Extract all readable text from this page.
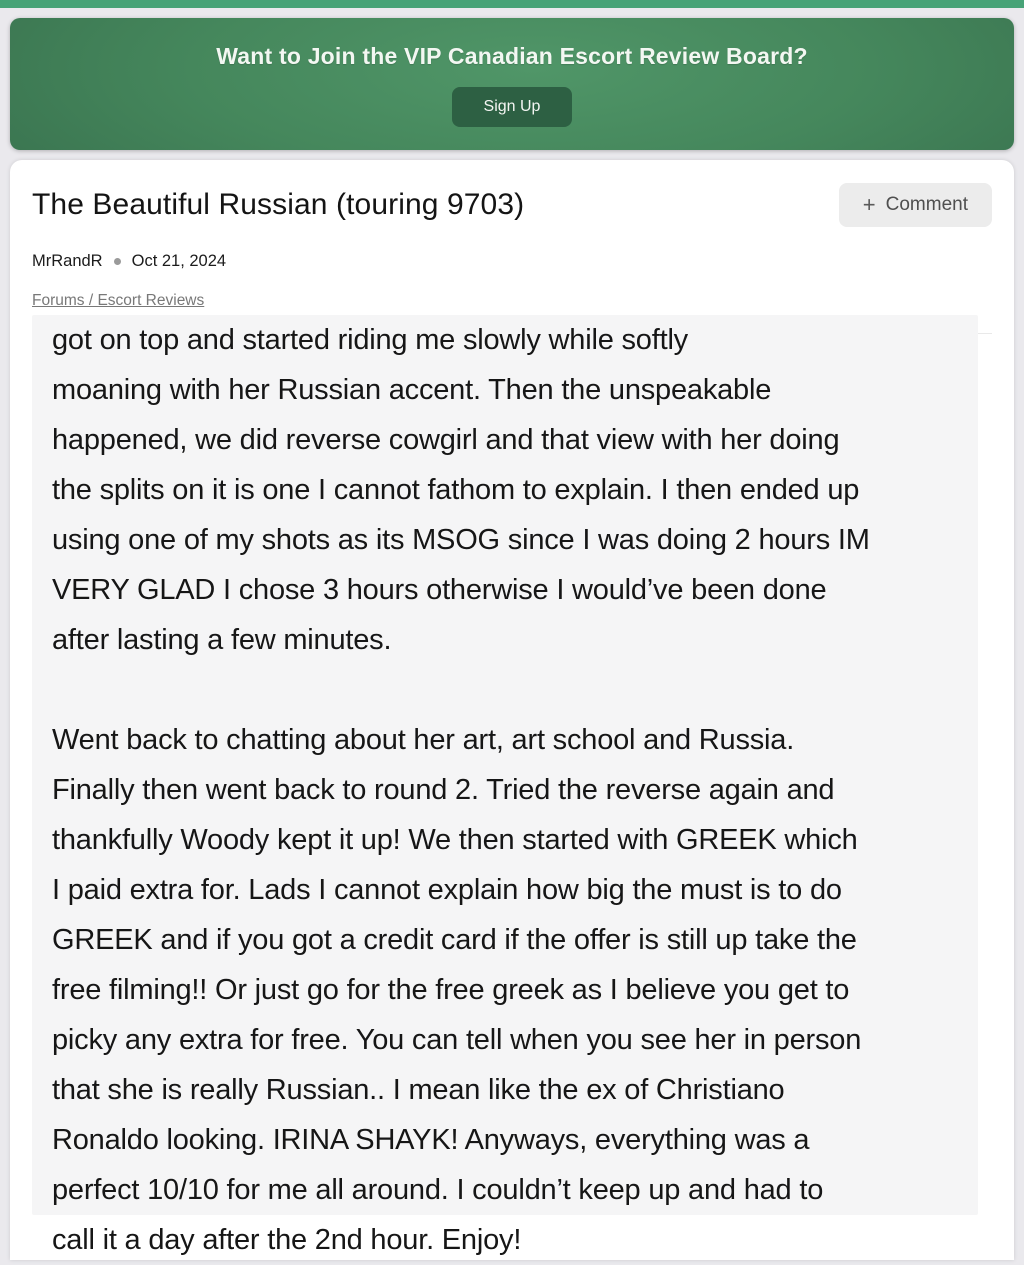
Want to Join the VIP Canadian Escort Review Board?
Sign Up
The Beautiful Russian (touring 9703)	+ Comment
MrRandR Oct 21, 2024
Forums / Escort Reviews
got on top and started riding me slowly while softly
moaning with her Russian accent. Then the unspeakable
happened, we did reverse cowgirl and that view with her doing
the splits on it is one I cannot fathom to explain. I then ended up
using one of my shots as its MSOG since I was doing 2 hours IM
VERY GLAD I chose 3 hours otherwise I would’ve been done
after lasting a few minutes.
Went back to chatting about her art, art school and Russia.
Finally then went back to round 2. Tried the reverse again and
thankfully Woody kept it up! We then started with GREEK which
I paid extra for. Lads I cannot explain how big the must is to do
GREEK and if you got a credit card if the offer is still up take the
free filming!! Or just go for the free greek as I believe you get to
picky any extra for free. You can tell when you see her in person
that she is really Russian.. I mean like the ex of Christiano
Ronaldo looking. IRINA SHAYK! Anyways, everything was a
perfect 10/10 for me all around. I couldn’t keep up and had to
call it a day after the 2nd hour. Enjoy!
